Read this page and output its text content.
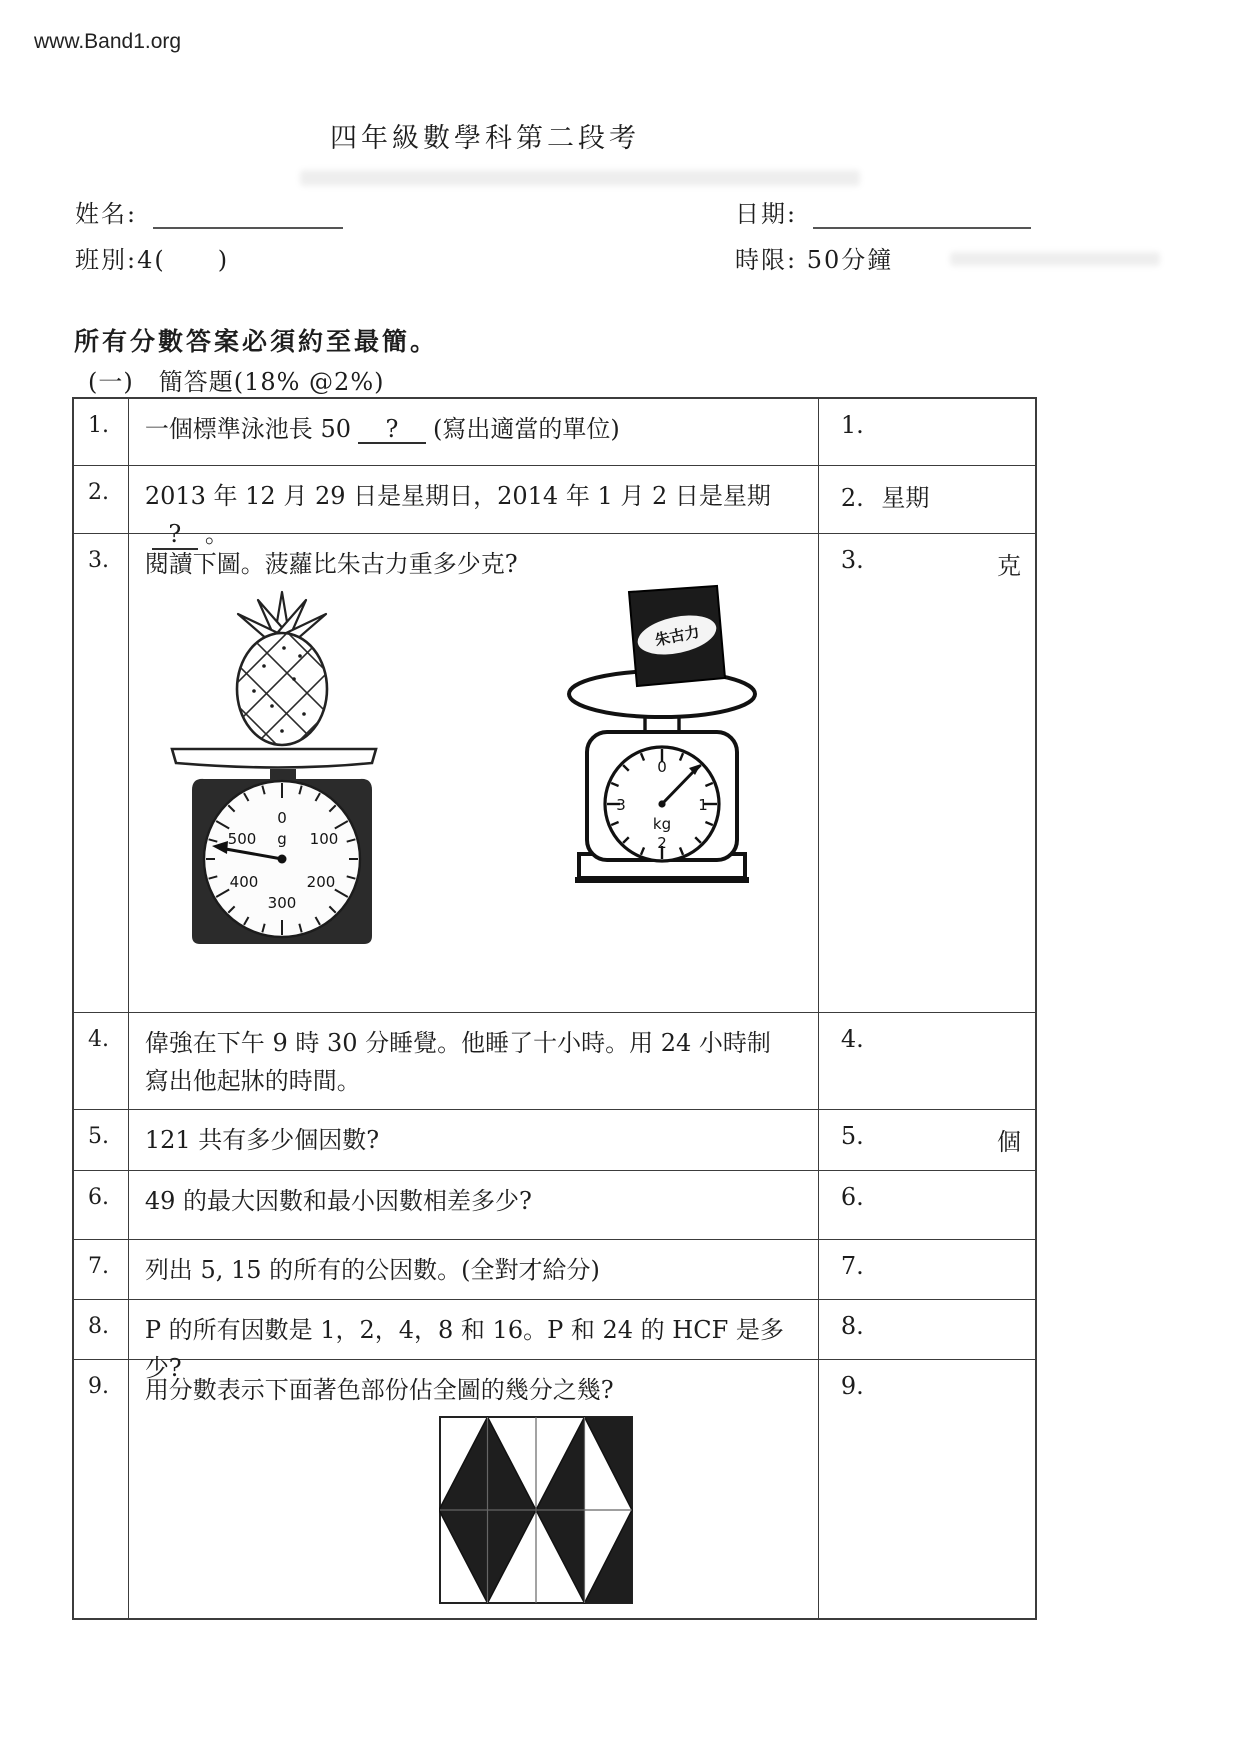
www.Band1.org
四年級數學科第二段考
姓名:	日期:
班別:4(　　)	時限: 50分鐘
所有分數答案必須約至最簡。
(一)　簡答題(18% @2%)
1.	一個標準泳池長 50 ? (寫出適當的單位)	1.
2.	2013 年 12 月 29 日是星期日，2014 年 1 月 2 日是星期? 。
2. 星期
3.	閱讀下圖。菠蘿比朱古力重多少克?
0
500 g 100
400	200
300
朱古力
0
1
kg
2
3
3.	克
4.	偉強在下午 9 時 30 分睡覺。他睡了十小時。用 24 小時制寫出他起牀的時間。
4.
5.	121 共有多少個因數?	5.	個
6.	49 的最大因數和最小因數相差多少?	6.
7.	列出 5, 15 的所有的公因數。(全對才給分)	7.
8.	P 的所有因數是 1，2，4，8 和 16。P 和 24 的 HCF 是多少?
8.
9.	用分數表示下面著色部份佔全圖的幾分之幾?	9.
